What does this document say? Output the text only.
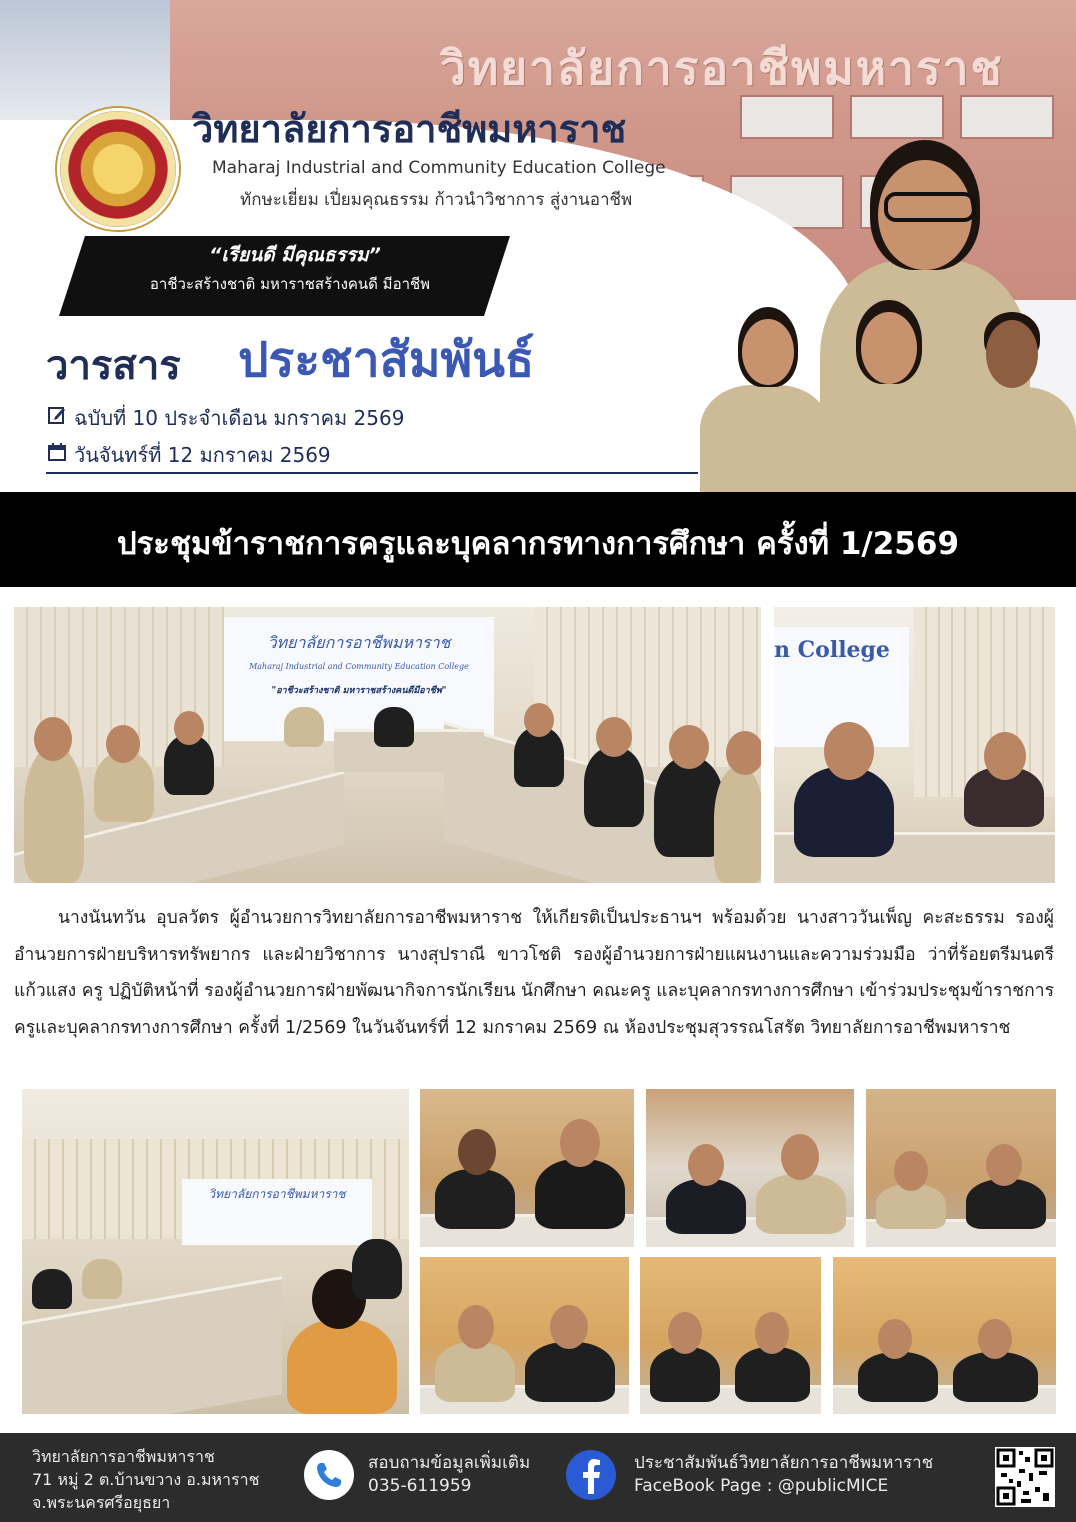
วิทยาลัยการอาชีพมหาราช
วิทยาลัยการอาชีพมหาราช
Maharaj Industrial and Community Education College
ทักษะเยี่ยม เปี่ยมคุณธรรม ก้าวนำวิชาการ สู่งานอาชีพ
“เรียนดี มีคุณธรรม”
อาชีวะสร้างชาติ มหาราชสร้างคนดี มีอาชีพ
วารสาร ประชาสัมพันธ์
ฉบับที่ 10 ประจำเดือน มกราคม 2569
วันจันทร์ที่ 12 มกราคม 2569
ประชุมข้าราชการครูและบุคลากรทางการศึกษา ครั้งที่ 1/2569
วิทยาลัยการอาชีพมหาราช
Maharaj Industrial and Community Education College
"อาชีวะสร้างชาติ มหาราชสร้างคนดีมีอาชีพ"
n College
นางนันทวัน อุบลวัตร ผู้อำนวยการวิทยาลัยการอาชีพมหาราช ให้เกียรติเป็นประธานฯ พร้อมด้วย นางสาววันเพ็ญ คะสะธรรม รองผู้อำนวยการฝ่ายบริหารทรัพยากร และฝ่ายวิชาการ นางสุปราณี ขาวโชติ รองผู้อำนวยการฝ่ายแผนงานและความร่วมมือ ว่าที่ร้อยตรีมนตรี แก้วแสง ครู ปฏิบัติหน้าที่ รองผู้อำนวยการฝ่ายพัฒนากิจการนักเรียน นักศึกษา คณะครู และบุคลากรทางการศึกษา เข้าร่วมประชุมข้าราชการครูและบุคลากรทางการศึกษา ครั้งที่ 1/2569 ในวันจันทร์ที่ 12 มกราคม 2569 ณ ห้องประชุมสุวรรณโสรัต วิทยาลัยการอาชีพมหาราช
วิทยาลัยการอาชีพมหาราช
วิทยาลัยการอาชีพมหาราช
71 หมู่ 2 ต.บ้านขวาง อ.มหาราช
จ.พระนครศรีอยุธยา
สอบถามข้อมูลเพิ่มเติม
035-611959
ประชาสัมพันธ์วิทยาลัยการอาชีพมหาราช
FaceBook Page : @publicMICE
